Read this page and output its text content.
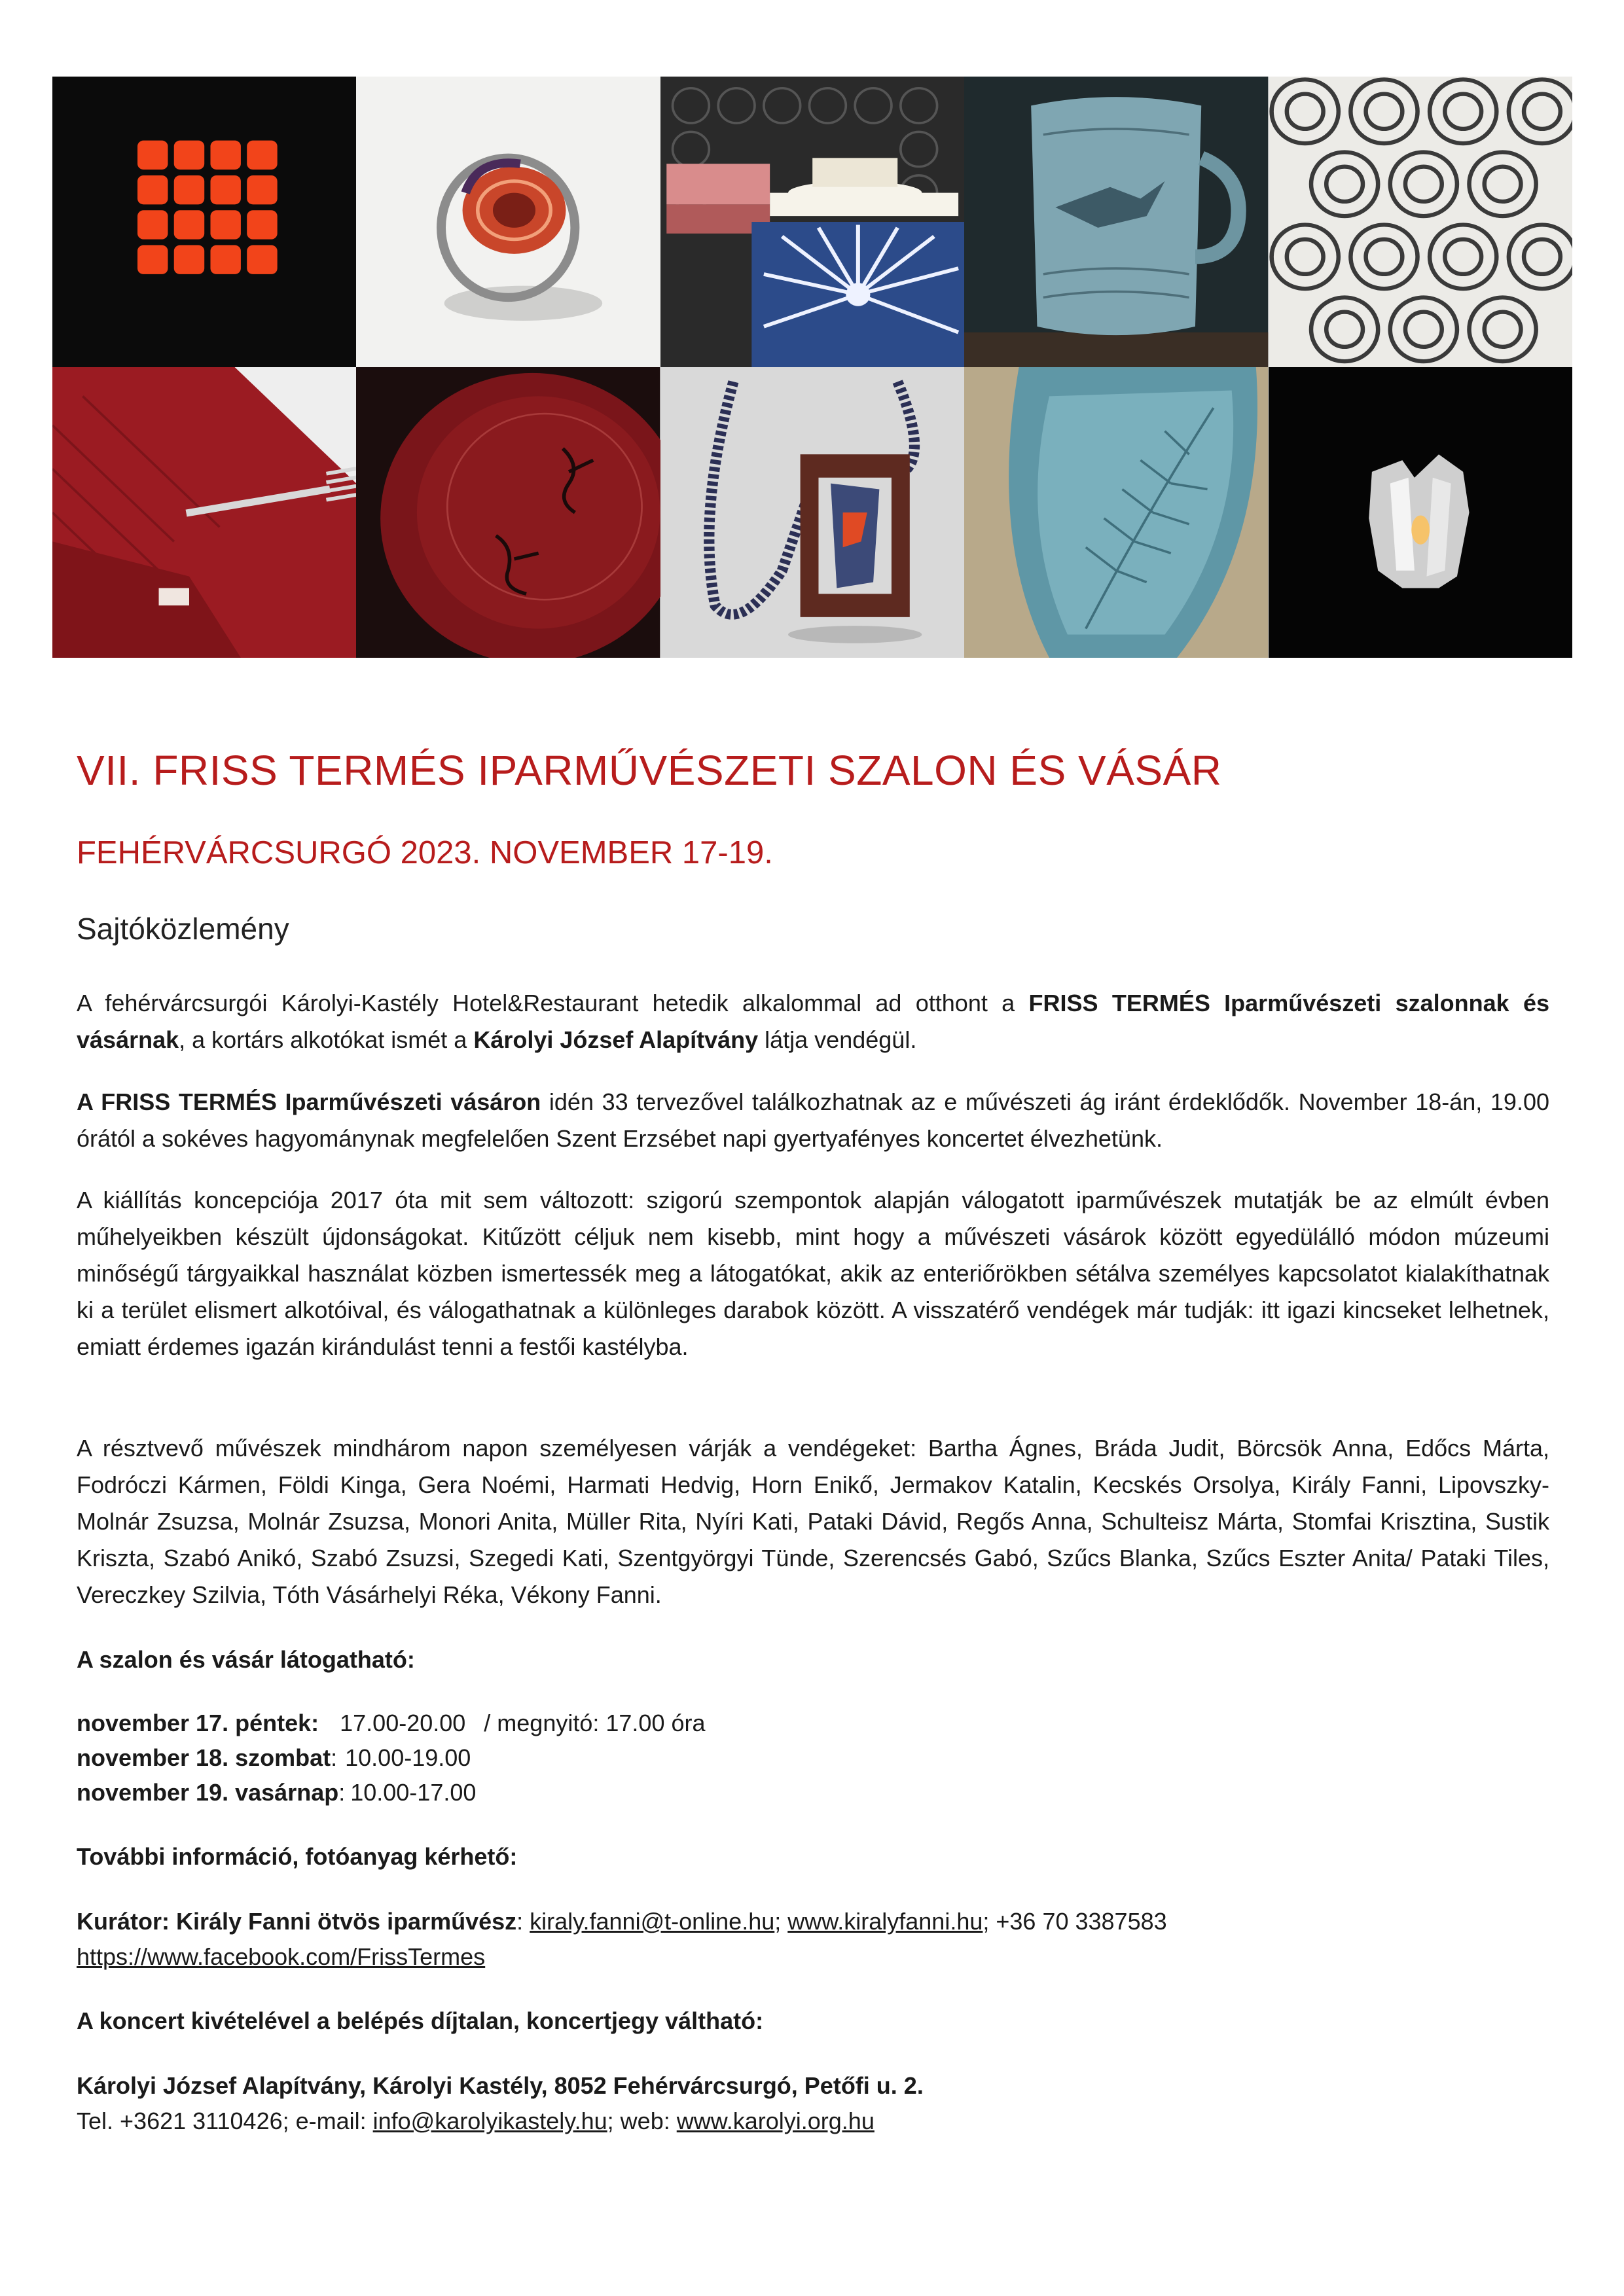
VII. FRISS TERMÉS IPARMŰVÉSZETI SZALON ÉS VÁSÁR
FEHÉRVÁRCSURGÓ 2023. NOVEMBER 17-19.
Sajtóközlemény

A fehérvárcsurgói Károlyi-Kastély Hotel&Restaurant hetedik alkalommal ad otthont a FRISS TERMÉS Iparművészeti szalonnak és vásárnak, a kortárs alkotókat ismét a Károlyi József Alapítvány látja vendégül.

A FRISS TERMÉS Iparművészeti vásáron idén 33 tervezővel találkozhatnak az e művészeti ág iránt érdeklődők. November 18-án, 19.00 órától a sokéves hagyománynak megfelelően Szent Erzsébet napi gyertyafényes koncertet élvezhetünk.

A kiállítás koncepciója 2017 óta mit sem változott: szigorú szempontok alapján válogatott iparművészek mutatják be az elmúlt évben műhelyeikben készült újdonságokat. Kitűzött céljuk nem kisebb, mint hogy a művészeti vásárok között egyedülálló módon múzeumi minőségű tárgyaikkal használat közben ismertessék meg a látogatókat, akik az enteriőrökben sétálva személyes kapcsolatot kialakíthatnak ki a terület elismert alkotóival, és válogathatnak a különleges darabok között. A visszatérő vendégek már tudják: itt igazi kincseket lelhetnek, emiatt érdemes igazán kirándulást tenni a festői kastélyba.

A résztvevő művészek mindhárom napon személyesen várják a vendégeket: Bartha Ágnes, Bráda Judit, Börcsök Anna, Edőcs Márta, Fodróczi Kármen, Földi Kinga, Gera Noémi, Harmati Hedvig, Horn Enikő, Jermakov Katalin, Kecskés Orsolya, Király Fanni, Lipovszky-Molnár Zsuzsa, Molnár Zsuzsa, Monori Anita, Müller Rita, Nyíri Kati, Pataki Dávid, Regős Anna, Schulteisz Márta, Stomfai Krisztina, Sustik Kriszta, Szabó Anikó, Szabó Zsuzsi, Szegedi Kati, Szentgyörgyi Tünde, Szerencsés Gabó, Szűcs Blanka, Szűcs Eszter Anita/ Pataki Tiles, Vereczkey Szilvia, Tóth Vásárhelyi Réka, Vékony Fanni.

A szalon és vásár látogatható:
november 17. péntek: 17.00-20.00 / megnyitó: 17.00 óra
november 18. szombat: 10.00-19.00
november 19. vasárnap: 10.00-17.00
További információ, fotóanyag kérhető:
Kurátor: Király Fanni ötvös iparművész: kiraly.fanni@t-online.hu; www.kiralyfanni.hu; +36 70 3387583
https://www.facebook.com/FrissTermes
A koncert kivételével a belépés díjtalan, koncertjegy váltható:
Károlyi József Alapítvány, Károlyi Kastély, 8052 Fehérvárcsurgó, Petőfi u. 2.
Tel. +3621 3110426; e-mail: info@karolyikastely.hu; web: www.karolyi.org.hu
